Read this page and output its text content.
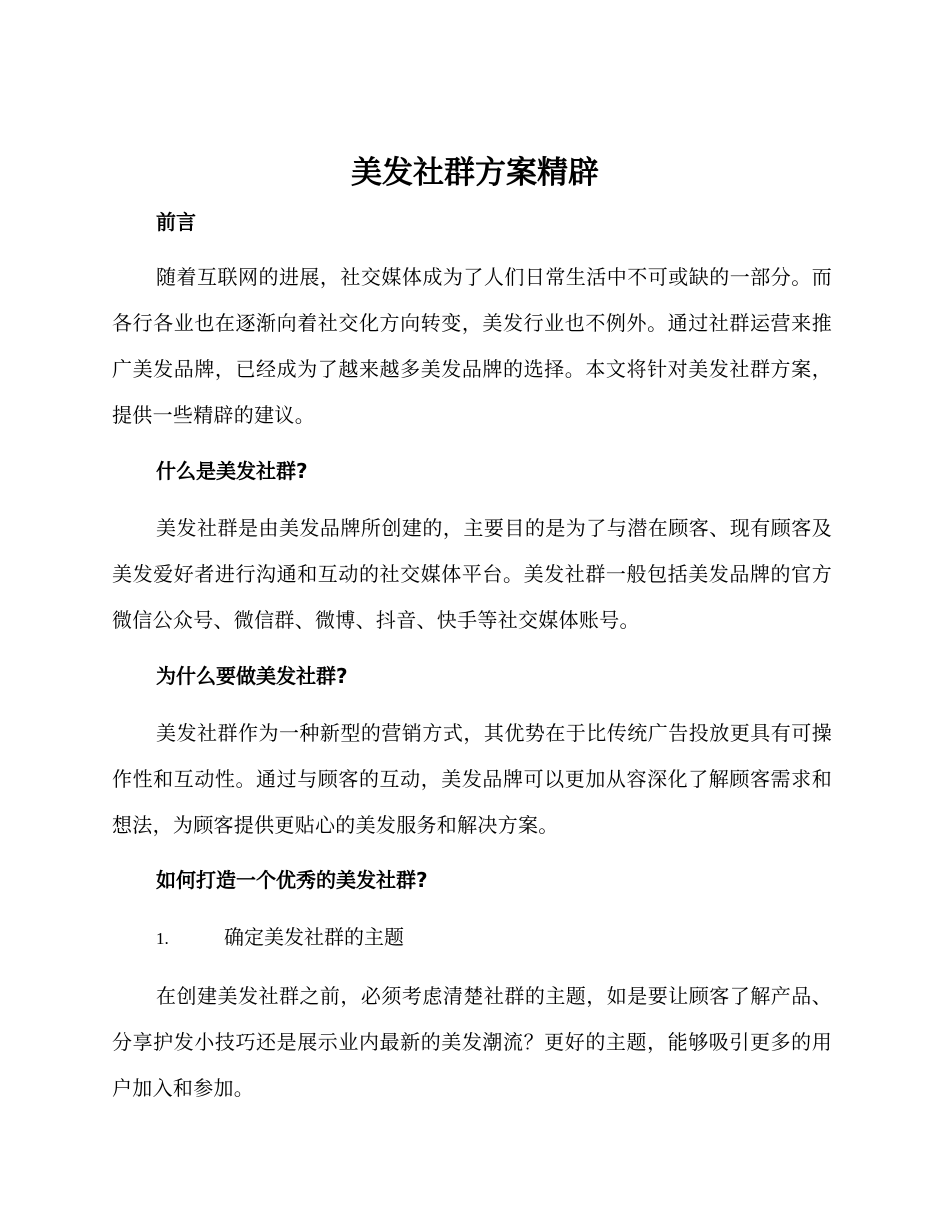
美发社群方案精辟
前言

随着互联网的进展，社交媒体成为了人们日常生活中不可或缺的一部分。而各行各业也在逐渐向着社交化方向转变，美发行业也不例外。通过社群运营来推广美发品牌，已经成为了越来越多美发品牌的选择。本文将针对美发社群方案，提供一些精辟的建议。

什么是美发社群?

美发社群是由美发品牌所创建的，主要目的是为了与潜在顾客、现有顾客及美发爱好者进行沟通和互动的社交媒体平台。美发社群一般包括美发品牌的官方微信公众号、微信群、微博、抖音、快手等社交媒体账号。

为什么要做美发社群?

美发社群作为一种新型的营销方式，其优势在于比传统广告投放更具有可操作性和互动性。通过与顾客的互动，美发品牌可以更加从容深化了解顾客需求和想法，为顾客提供更贴心的美发服务和解决方案。

如何打造一个优秀的美发社群?
1.	确定美发社群的主题

在创建美发社群之前，必须考虑清楚社群的主题，如是要让顾客了解产品、分享护发小技巧还是展示业内最新的美发潮流？更好的主题，能够吸引更多的用户加入和参加。
